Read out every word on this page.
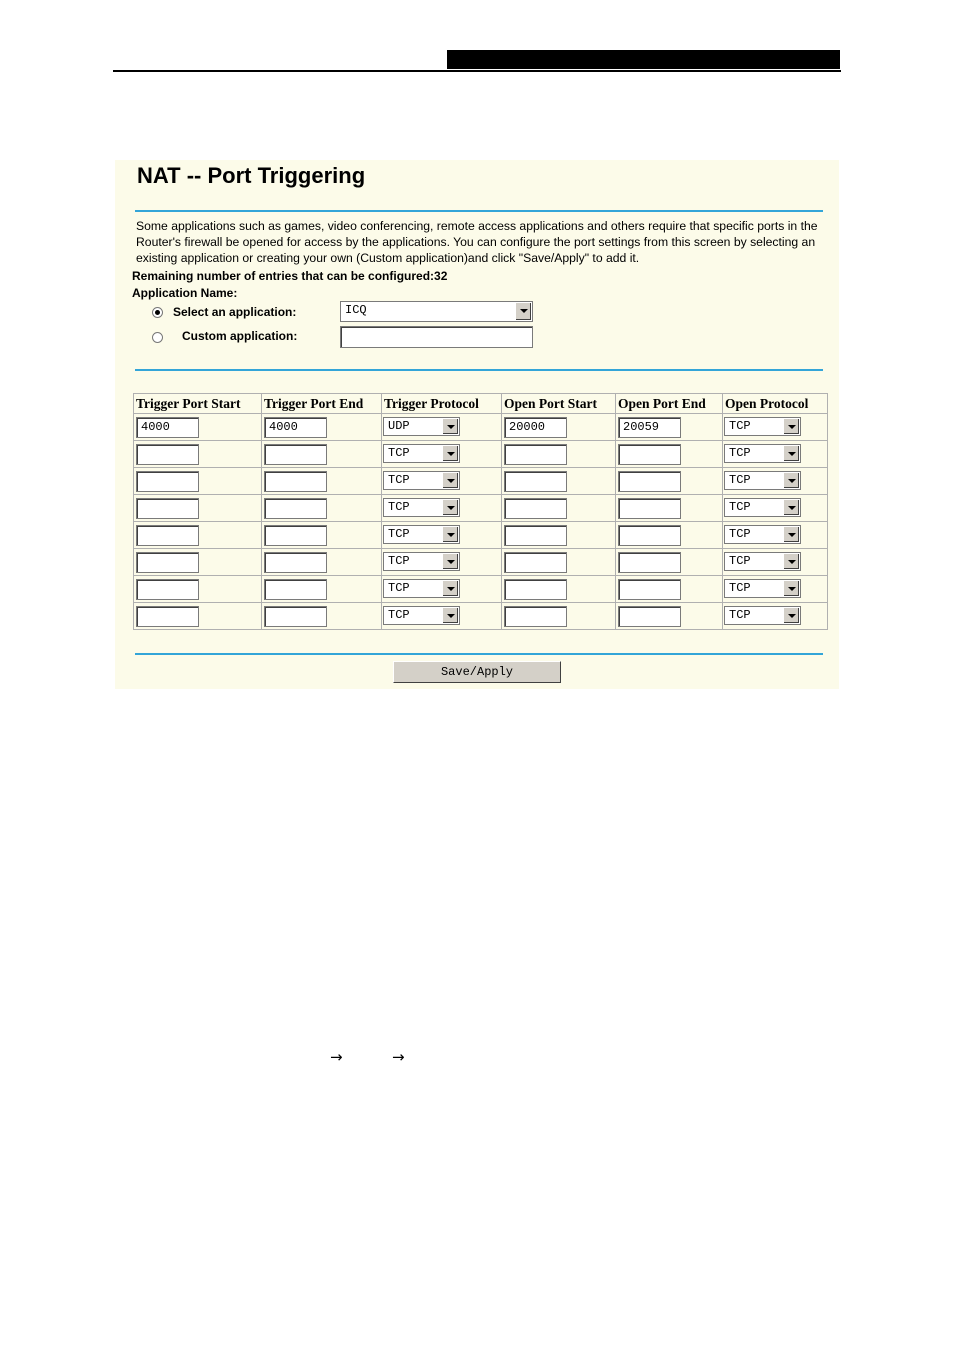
NAT -- Port Triggering
Some applications such as games, video conferencing, remote access applications and others require that specific ports in the Router's firewall be opened for access by the applications. You can configure the port settings from this screen by selecting an existing application or creating your own (Custom application)and click "Save/Apply" to add it.
Remaining number of entries that can be configured:32
Application Name:
Select an application:	ICQ
Custom application:
Trigger Port Start	Trigger Port End	Trigger Protocol	Open Port Start	Open Port End	Open Protocol

4000	4000	UDP	20000	20059	TCP

		TCP			TCP

		TCP			TCP

		TCP			TCP

		TCP			TCP

		TCP			TCP

		TCP			TCP

		TCP			TCP
Save/Apply
→	→
